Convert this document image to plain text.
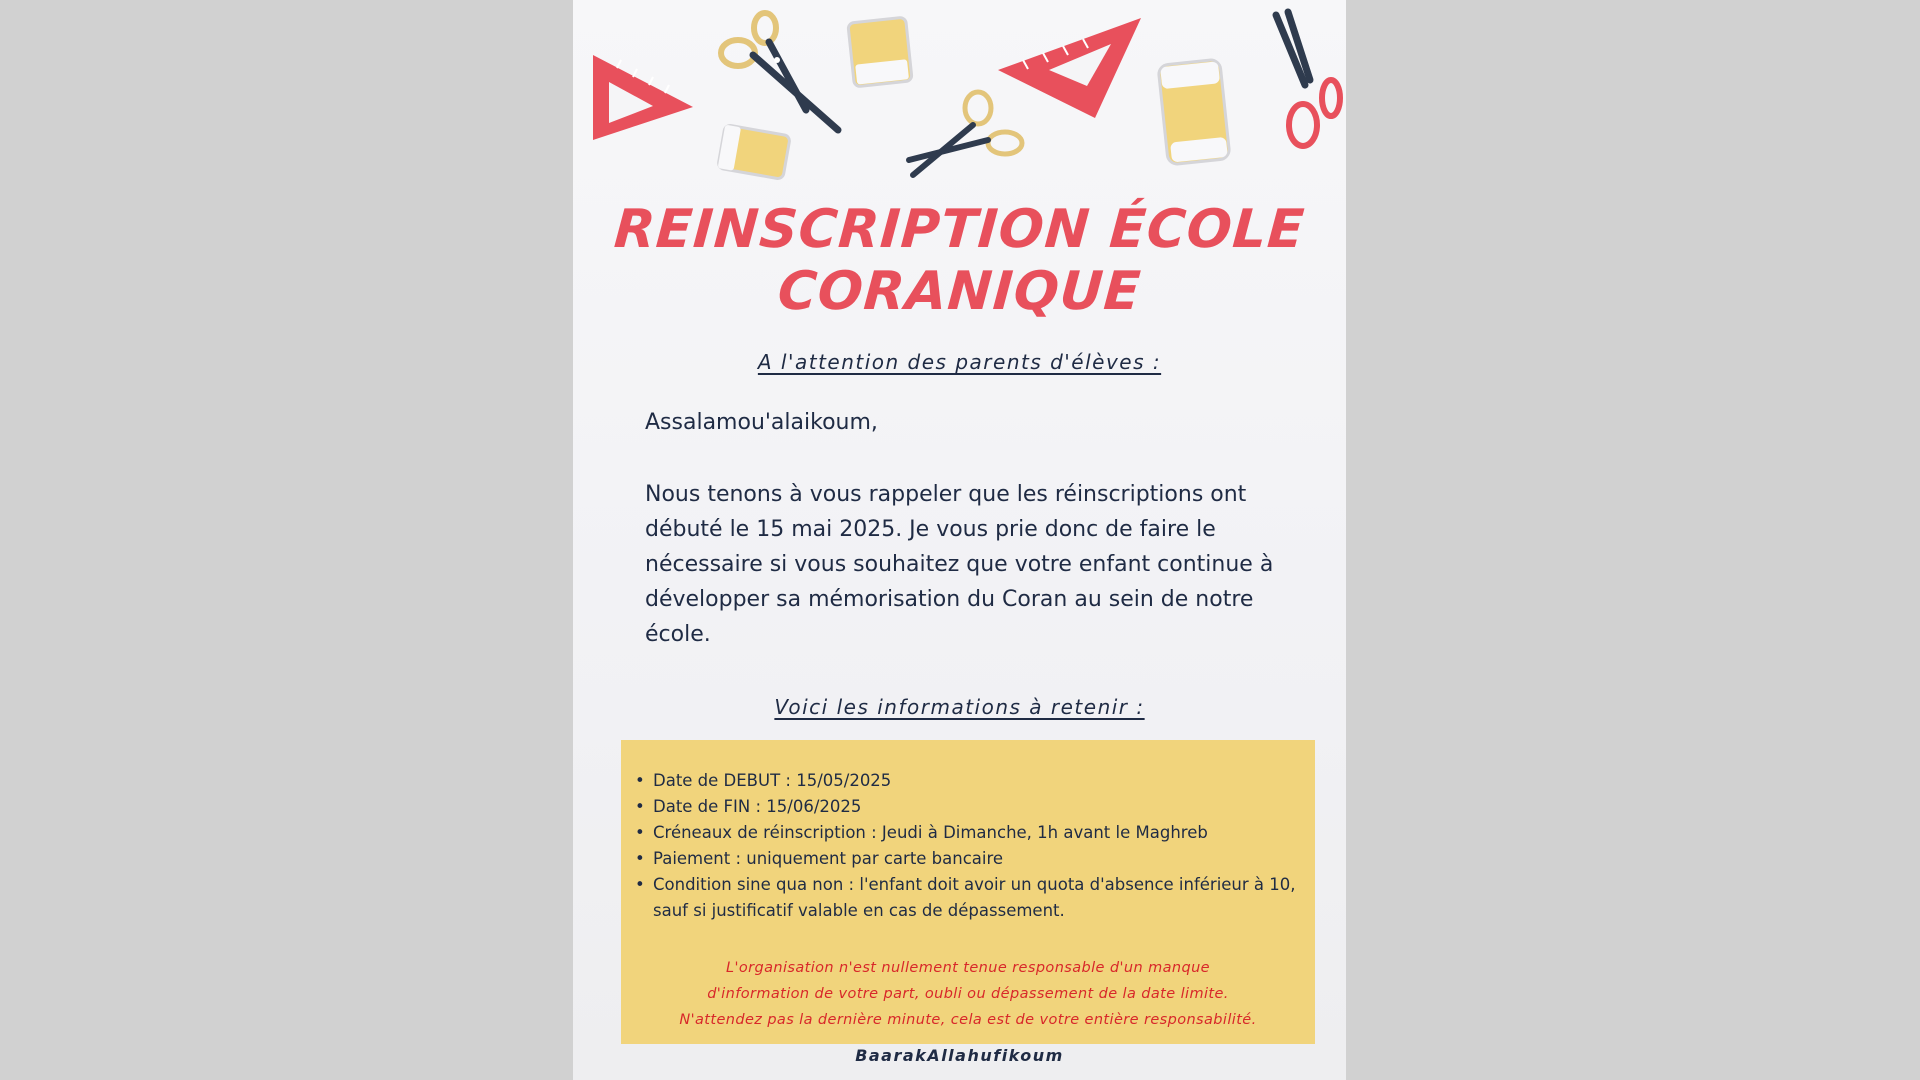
REINSCRIPTION ÉCOLE
CORANIQUE
A l'attention des parents d'élèves :
Assalamou'alaikoum,
Nous tenons à vous rappeler que les réinscriptions ont débuté le 15 mai 2025. Je vous prie donc de faire le nécessaire si vous souhaitez que votre enfant continue à développer sa mémorisation du Coran au sein de notre école.
Voici les informations à retenir :
• Date de DEBUT : 15/05/2025
• Date de FIN : 15/06/2025
• Créneaux de réinscription : Jeudi à Dimanche, 1h avant le Maghreb
• Paiement : uniquement par carte bancaire
• Condition sine qua non : l'enfant doit avoir un quota d'absence inférieur à 10, sauf si justificatif valable en cas de dépassement.
L'organisation n'est nullement tenue responsable d'un manque
d'information de votre part, oubli ou dépassement de la date limite.
N'attendez pas la dernière minute, cela est de votre entière responsabilité.
BaarakAllahufikoum
